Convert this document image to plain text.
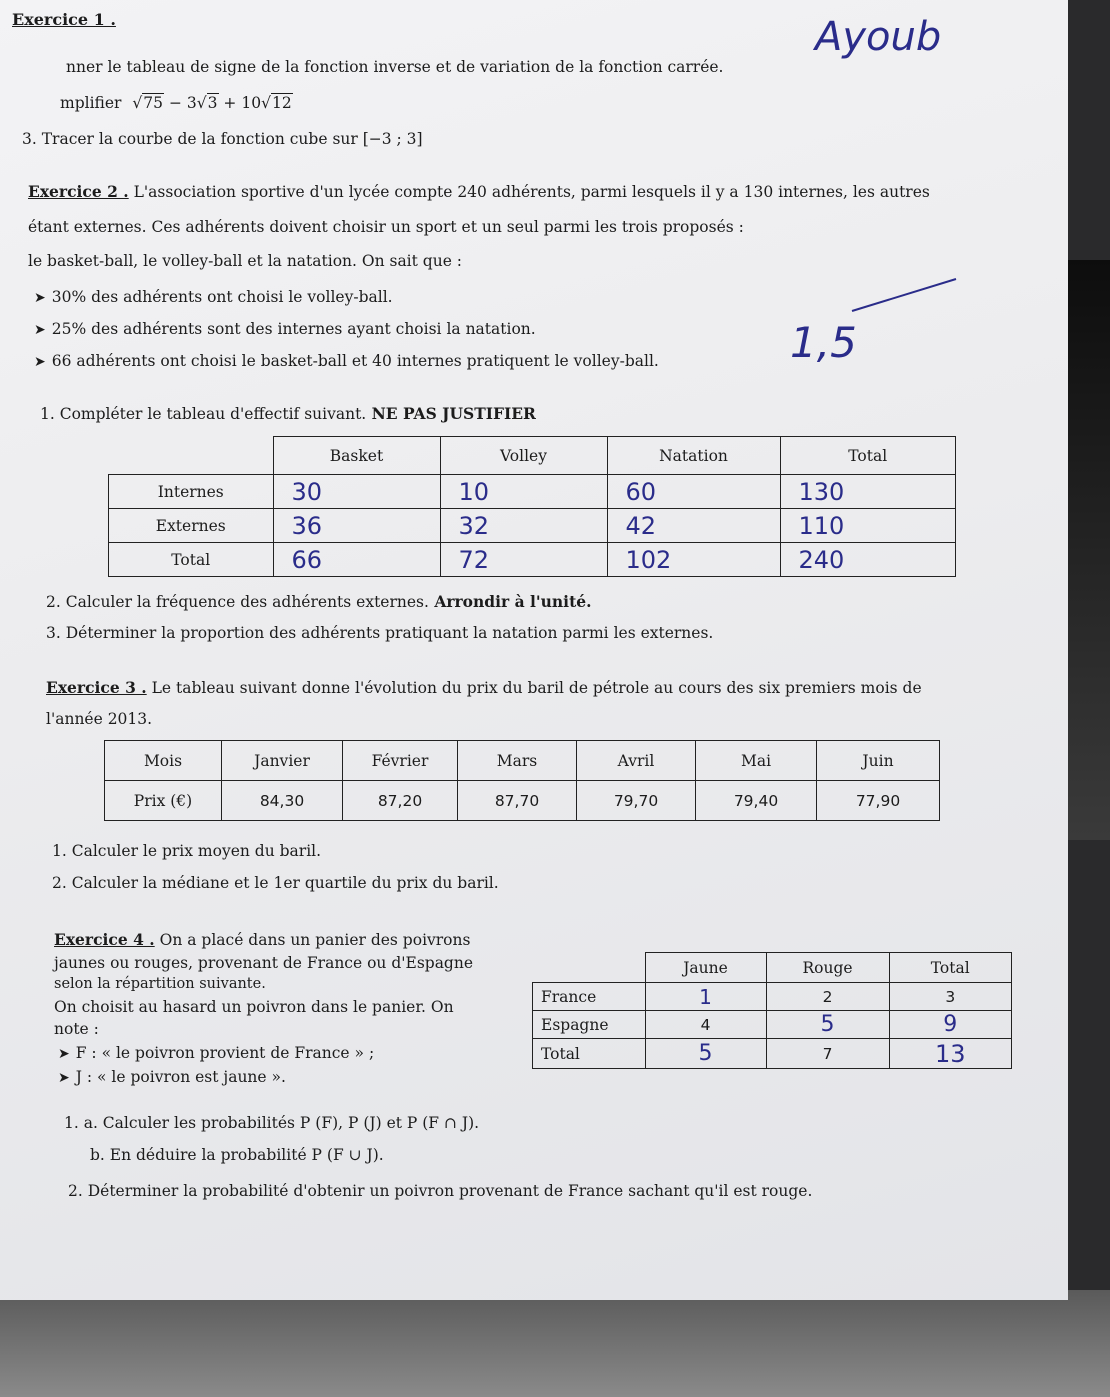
Exercice 1 .
nner le tableau de signe de la fonction inverse et de variation de la fonction carrée.
mplifier √75 − 3√3 + 10√12
3. Tracer la courbe de la fonction cube sur [−3 ; 3]
Ayoub
Exercice 2 . L'association sportive d'un lycée compte 240 adhérents, parmi lesquels il y a 130 internes, les autres
étant externes. Ces adhérents doivent choisir un sport et un seul parmi les trois proposés :
le basket-ball, le volley-ball et la natation. On sait que :
➤ 30% des adhérents ont choisi le volley-ball.
➤ 25% des adhérents sont des internes ayant choisi la natation.
➤ 66 adhérents ont choisi le basket-ball et 40 internes pratiquent le volley-ball.	1,5
1. Compléter le tableau d'effectif suivant. NE PAS JUSTIFIER
	Basket	Volley	Natation	Total
Internes	30	10	60	130
Externes	36	32	42	110
Total	66	72	102	240
2. Calculer la fréquence des adhérents externes. Arrondir à l'unité.
3. Déterminer la proportion des adhérents pratiquant la natation parmi les externes.
Exercice 3 . Le tableau suivant donne l'évolution du prix du baril de pétrole au cours des six premiers mois de
l'année 2013.
Mois	Janvier	Février	Mars	Avril	Mai	Juin
Prix (€)	84,30	87,20	87,70	79,70	79,40	77,90
1. Calculer le prix moyen du baril.
2. Calculer la médiane et le 1er quartile du prix du baril.
Exercice 4 . On a placé dans un panier des poivrons
jaunes ou rouges, provenant de France ou d'Espagne
selon la répartition suivante.
On choisit au hasard un poivron dans le panier. On
note :
➤ F : « le poivron provient de France » ;
➤ J : « le poivron est jaune ».
	Jaune	Rouge	Total
France	1	2	3
Espagne	4	5	9
Total	5	7	13
1. a. Calculer les probabilités P (F), P (J) et P (F ∩ J).
b. En déduire la probabilité P (F ∪ J).
2. Déterminer la probabilité d'obtenir un poivron provenant de France sachant qu'il est rouge.
